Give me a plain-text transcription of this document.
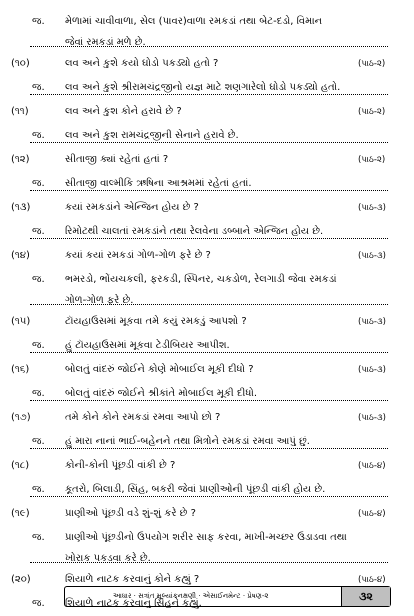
જ. મેળામાં ચાવીવાળા, સેલ (પાવર)વાળા રમકડાં તથા બેટ-દડો, વિમાન
જેવાં રમકડાં મળે છે.
(૧૦)	લવ અને કુશે કયો ઘોડો પકડ્યો હતો ?	(પાઠ-૨)
જ. લવ અને કુશે શ્રીરામચંદ્રજીનો યજ્ઞ માટે શણગારેલો ઘોડો પકડ્યો હતો.
(૧૧)	લવ અને કુશ કોને હરાવે છે ?	(પાઠ-૨)
જ. લવ અને કુશ રામચંદ્રજીની સેનાને હરાવે છે.
(૧૨)	સીતાજી ક્યાં રહેતાં હતાં ?	(પાઠ-૨)
જ. સીતાજી વાલ્મીકિ ઋષિના આશ્રમમાં રહેતાં હતાં.
(૧૩)	કયાં રમકડાંને એન્જિન હોય છે ?	(પાઠ-૩)
જ. રિમોટથી ચાલતાં રમકડાંને તથા રેલવેના ડબ્બાને એન્જિન હોય છે.
(૧૪)	કયાં કયાં રમકડાં ગોળ-ગોળ ફરે છે ?	(પાઠ-૩)
જ. ભમરડો, ભોંયચકલી, ફરકડી, સ્પિનર, ચકડોળ, રેલગાડી જેવા રમકડાં
ગોળ-ગોળ ફરે છે.
(૧૫)	ટૉયહાઉસમાં મૂકવા તમે કયું રમકડું આપશો ?	(પાઠ-૩)
જ. હું ટૉયહાઉસમાં મૂકવા ટેડીબિયર આપીશ.
(૧૬)	બોલતું વાંદરું જોઈને કોણે મોબાઈલ મૂકી દીધો ?	(પાઠ-૩)
જ. બોલતું વાંદરું જોઈને શ્રીકાંતે મોબાઈલ મૂકી દીધો.
(૧૭)	તમે કોને કોને રમકડાં રમવા આપો છો ?	(પાઠ-૩)
જ. હું મારા નાનાં ભાઈ-બહેનને તથા મિત્રોને રમકડાં રમવા આપું છું.
(૧૮)	કોની-કોની પૂંછડી વાંકી છે ?	(પાઠ-૪)
જ. કૂતરો, બિલાડી, સિંહ, બકરી જેવાં પ્રાણીઓની પૂંછડી વાંકી હોય છે.
(૧૯)	પ્રાણીઓ પૂંછડી વડે શું-શું કરે છે ?	(પાઠ-૪)
જ. પ્રાણીઓ પૂંછડીનો ઉપયોગ શરીર સાફ કરવા, માખી-મચ્છર ઉડાડવા તથા
ખોરાક પકડવા કરે છે.
(૨૦)	શિયાળે નાટક કરવાનું કોને કહ્યું ?	(પાઠ-૪)
જ. શિયાળે નાટક કરવાનું સિંહને કહ્યું.
આધાર · સત્રાંત મૂલ્યાંકનક્ષણી · એસાઈનમેન્ટ · પ્રેષણ-૨	૩૨
